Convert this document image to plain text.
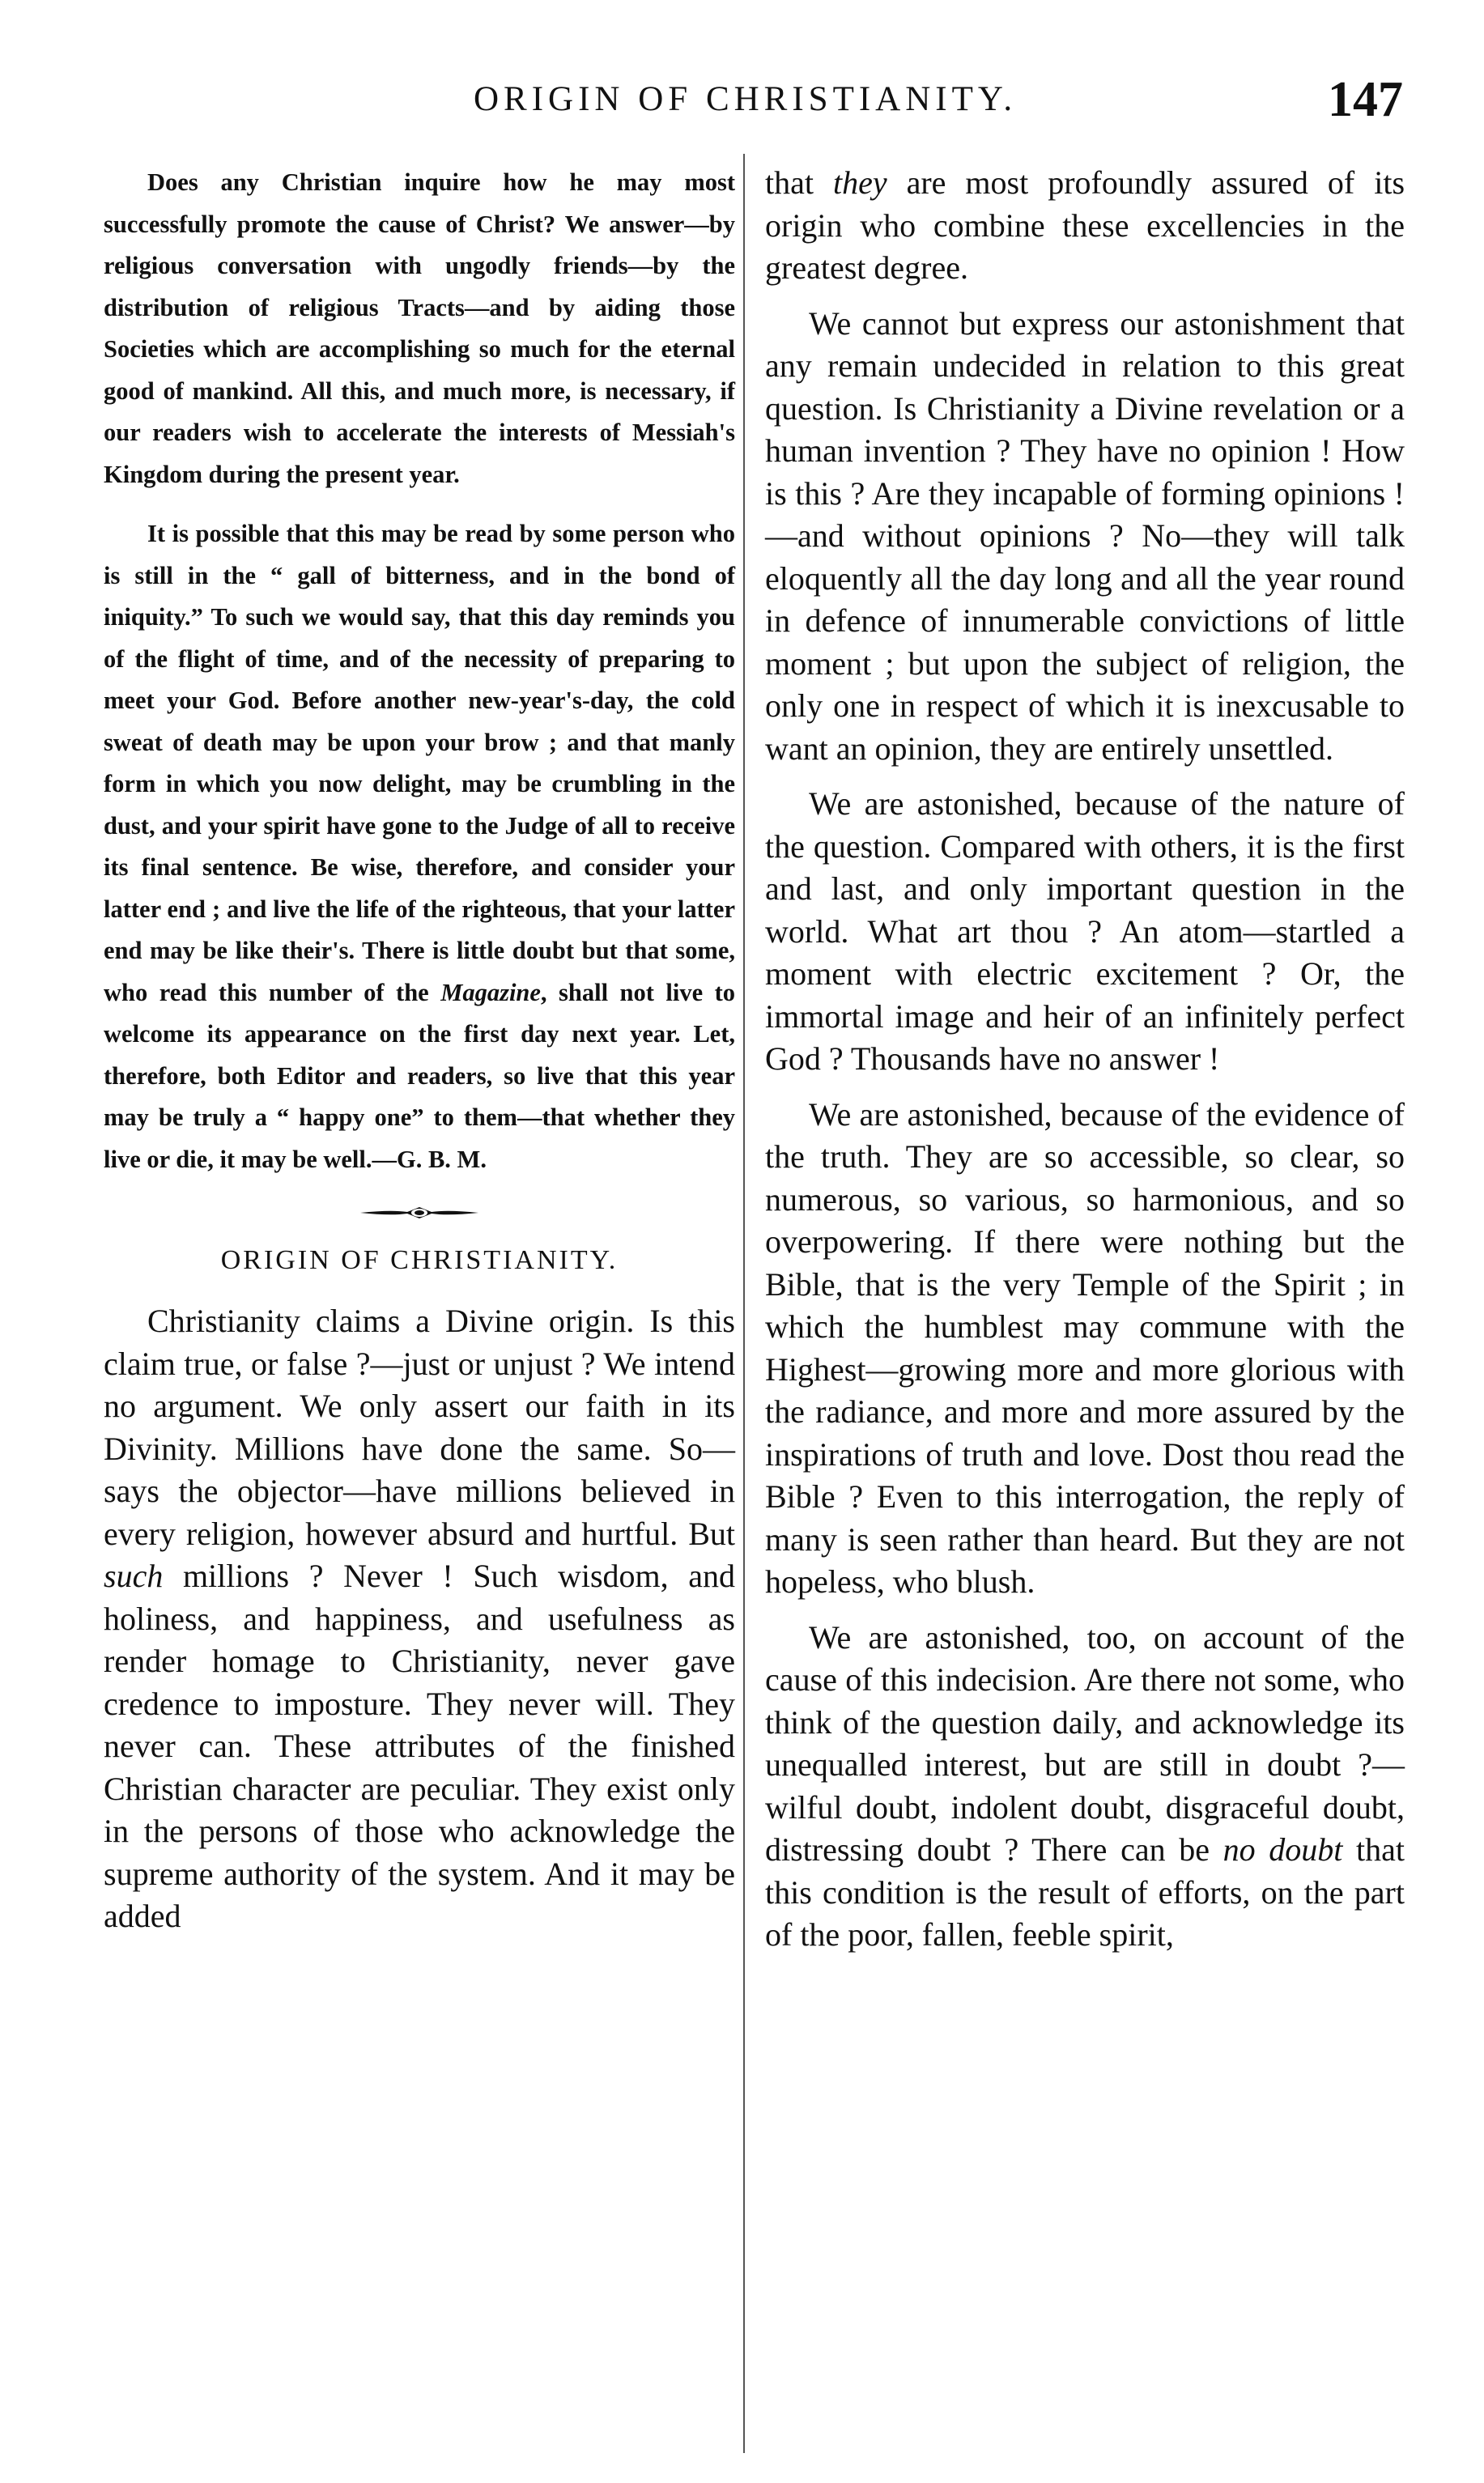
ORIGIN OF CHRISTIANITY.	147

Does any Christian inquire how he may most successfully promote the cause of Christ? We answer—by religious conversation with ungodly friends—by the distribution of religious Tracts—and by aiding those Societies which are accomplishing so much for the eternal good of mankind. All this, and much more, is necessary, if our readers wish to accelerate the interests of Messiah's Kingdom during the present year.

It is possible that this may be read by some person who is still in the “ gall of bitterness, and in the bond of iniquity.” To such we would say, that this day reminds you of the flight of time, and of the necessity of preparing to meet your God. Before another new-year's-day, the cold sweat of death may be upon your brow ; and that manly form in which you now delight, may be crumbling in the dust, and your spirit have gone to the Judge of all to receive its final sentence. Be wise, therefore, and consider your latter end ; and live the life of the righteous, that your latter end may be like their's. There is little doubt but that some, who read this number of the Magazine, shall not live to welcome its appearance on the first day next year. Let, therefore, both Editor and readers, so live that this year may be truly a “ happy one” to them—that whether they live or die, it may be well.—G. B. M.

ORIGIN OF CHRISTIANITY.

Christianity claims a Divine origin. Is this claim true, or false ?—just or unjust ? We intend no argument. We only assert our faith in its Divinity. Millions have done the same. So—says the objector—have millions believed in every religion, however absurd and hurtful. But such millions ? Never ! Such wisdom, and holiness, and happiness, and usefulness as render homage to Christianity, never gave credence to imposture. They never will. They never can. These attributes of the finished Christian character are peculiar. They exist only in the persons of those who acknowledge the supreme authority of the system. And it may be added

that they are most profoundly assured of its origin who combine these excellencies in the greatest degree.

We cannot but express our astonishment that any remain undecided in relation to this great question. Is Christianity a Divine revelation or a human invention ? They have no opinion ! How is this ? Are they incapable of forming opinions !—and without opinions ? No—they will talk eloquently all the day long and all the year round in defence of innumerable convictions of little moment ; but upon the subject of religion, the only one in respect of which it is inexcusable to want an opinion, they are entirely unsettled.

We are astonished, because of the nature of the question. Compared with others, it is the first and last, and only important question in the world. What art thou ? An atom—startled a moment with electric excitement ? Or, the immortal image and heir of an infinitely perfect God ? Thousands have no answer !

We are astonished, because of the evidence of the truth. They are so accessible, so clear, so numerous, so various, so harmonious, and so overpowering. If there were nothing but the Bible, that is the very Temple of the Spirit ; in which the humblest may commune with the Highest—growing more and more glorious with the radiance, and more and more assured by the inspirations of truth and love. Dost thou read the Bible ? Even to this interrogation, the reply of many is seen rather than heard. But they are not hopeless, who blush.

We are astonished, too, on account of the cause of this indecision. Are there not some, who think of the question daily, and acknowledge its unequalled interest, but are still in doubt ?—wilful doubt, indolent doubt, disgraceful doubt, distressing doubt ? There can be no doubt that this condition is the result of efforts, on the part of the poor, fallen, feeble spirit,
